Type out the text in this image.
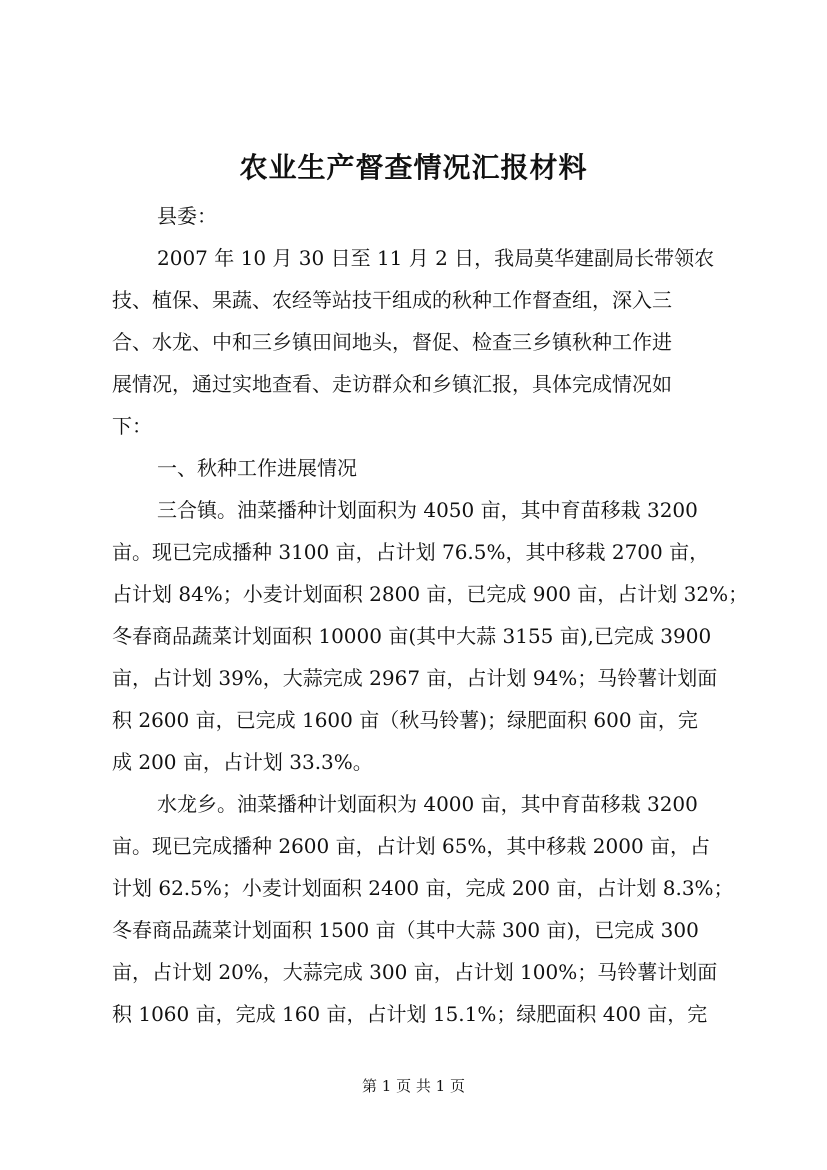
农业生产督查情况汇报材料
县委：
2007 年 10 月 30 日至 11 月 2 日，我局莫华建副局长带领农
技、植保、果蔬、农经等站技干组成的秋种工作督查组，深入三
合、水龙、中和三乡镇田间地头，督促、检查三乡镇秋种工作进
展情况，通过实地查看、走访群众和乡镇汇报，具体完成情况如
下：
一、秋种工作进展情况
三合镇。油菜播种计划面积为 4050 亩，其中育苗移栽 3200
亩。现已完成播种 3100 亩，占计划 76.5%，其中移栽 2700 亩，
占计划 84%；小麦计划面积 2800 亩，已完成 900 亩，占计划 32%；
冬春商品蔬菜计划面积 10000 亩(其中大蒜 3155 亩),已完成 3900
亩，占计划 39%，大蒜完成 2967 亩，占计划 94%；马铃薯计划面
积 2600 亩，已完成 1600 亩（秋马铃薯)；绿肥面积 600 亩，完
成 200 亩，占计划 33.3%。
水龙乡。油菜播种计划面积为 4000 亩，其中育苗移栽 3200
亩。现已完成播种 2600 亩，占计划 65%，其中移栽 2000 亩，占
计划 62.5%；小麦计划面积 2400 亩，完成 200 亩，占计划 8.3%；
冬春商品蔬菜计划面积 1500 亩（其中大蒜 300 亩)，已完成 300
亩，占计划 20%，大蒜完成 300 亩，占计划 100%；马铃薯计划面
积 1060 亩，完成 160 亩，占计划 15.1%；绿肥面积 400 亩，完
第 1 页 共 1 页
